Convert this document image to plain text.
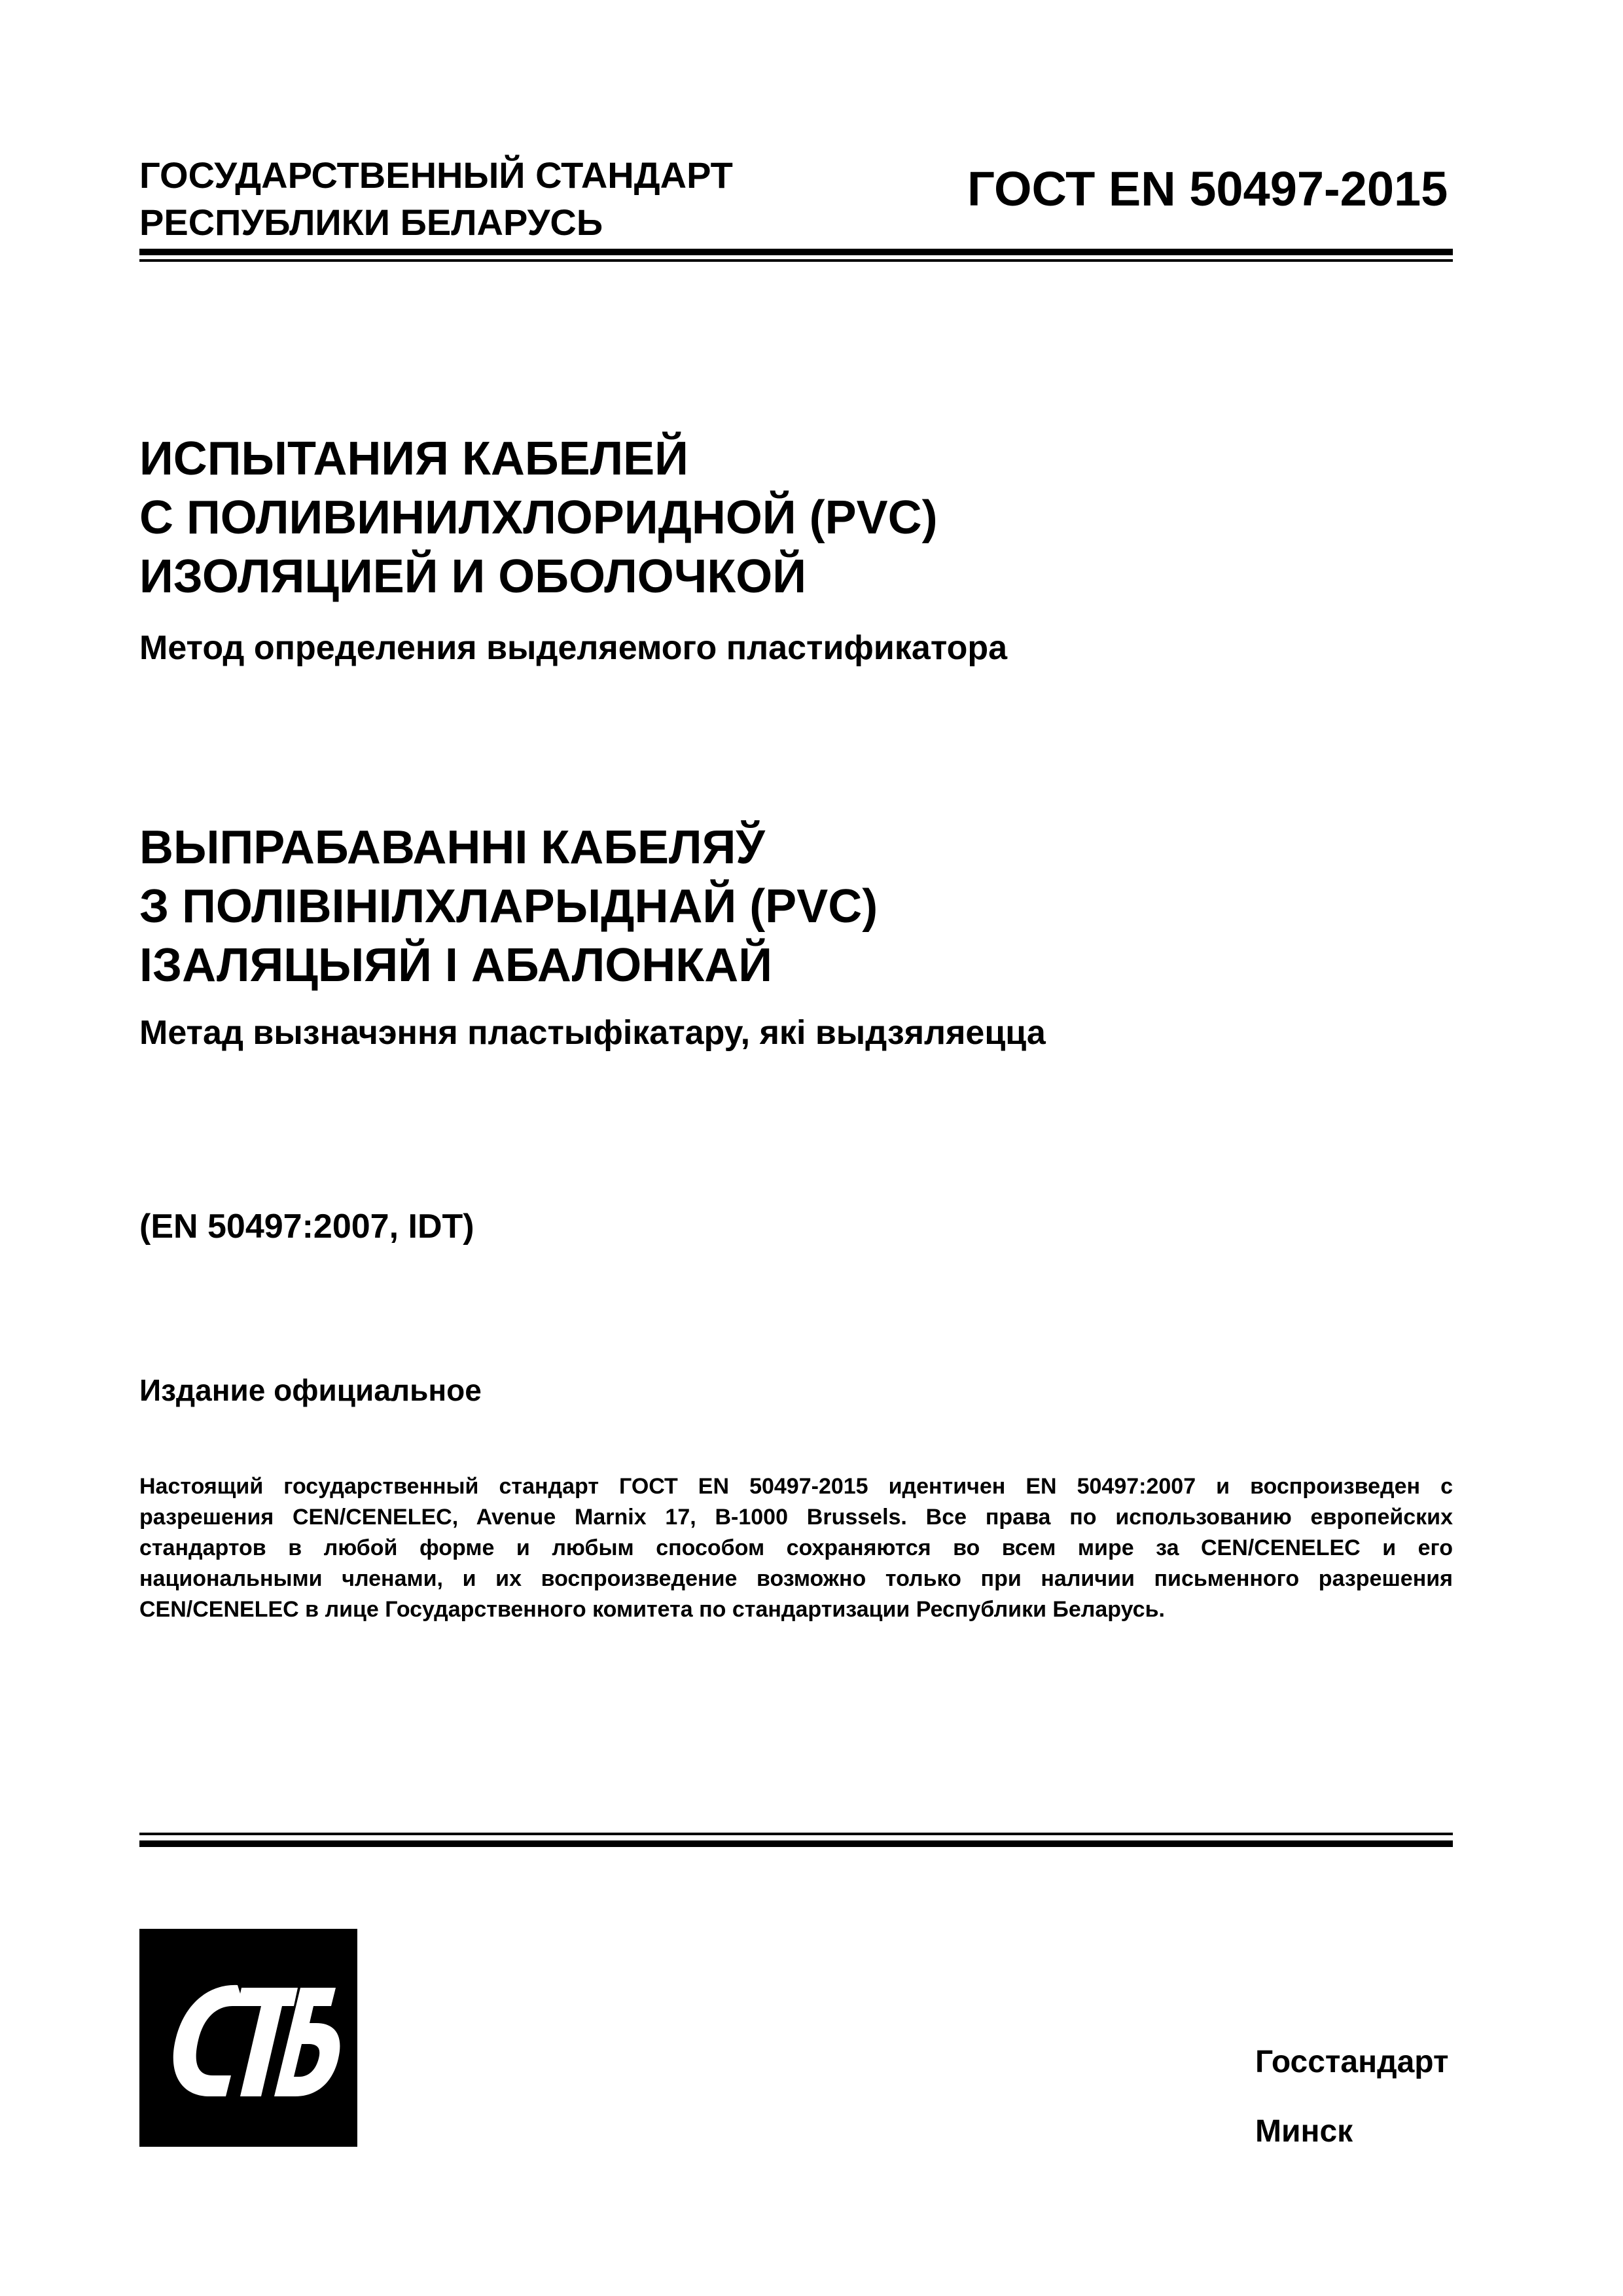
ГОСУДАРСТВЕННЫЙ СТАНДАРТ
РЕСПУБЛИКИ БЕЛАРУСЬ
ГОСТ EN 50497-2015
ИСПЫТАНИЯ КАБЕЛЕЙ
С ПОЛИВИНИЛХЛОРИДНОЙ (PVC)
ИЗОЛЯЦИЕЙ И ОБОЛОЧКОЙ
Метод определения выделяемого пластификатора
ВЫПРАБАВАННІ КАБЕЛЯЎ
З ПОЛІВІНІЛХЛАРЫДНАЙ (PVC)
ІЗАЛЯЦЫЯЙ І АБАЛОНКАЙ
Метад вызначэння пластыфікатару, які выдзяляецца
(EN 50497:2007, IDT)
Издание официальное
Настоящий государственный стандарт ГОСТ EN 50497-2015 идентичен EN 50497:2007 и воспроизведен с
разрешения CEN/CENELEC, Avenue Marnix 17, B-1000 Brussels. Все права по использованию европейских
стандартов в любой форме и любым способом сохраняются во всем мире за CEN/CENELEC и его
национальными членами, и их воспроизведение возможно только при наличии письменного разрешения
CEN/CENELEC в лице Государственного комитета по стандартизации Республики Беларусь.
Госстандарт
Минск
